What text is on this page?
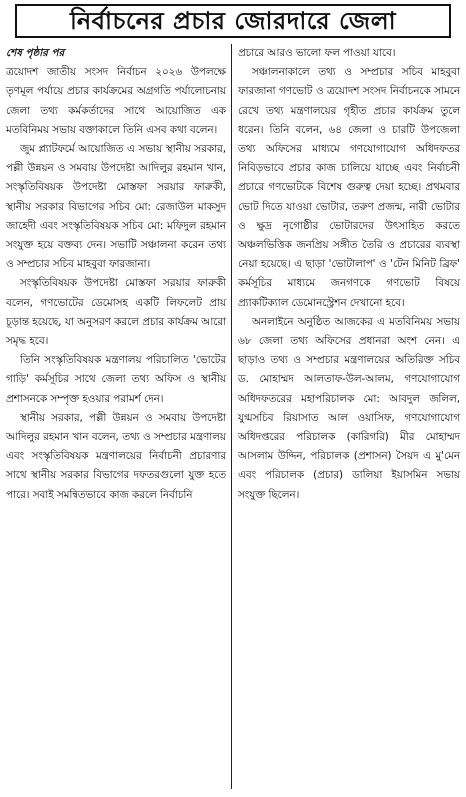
নির্বাচনের প্রচার জোরদারে জেলা
শেষ পৃষ্ঠার পর

ত্রয়োদশ জাতীয় সংসদ নির্বাচন ২০২৬ উপলক্ষে তৃণমূল পর্যায়ে প্রচার কার্যক্রমের অগ্রগতি পর্যালোচনায় জেলা তথ্য কর্মকর্তাদের সাথে আয়োজিত এক মতবিনিময় সভায় বক্তাকালে তিনি এসব কথা বলেন।

জুম প্ল্যাটফর্মে আয়োজিত এ সভায় স্থানীয় সরকার, পল্লী উন্নয়ন ও সমবায় উপদেষ্টা আদিলুর রহমান খান, সংস্কৃতিবিষয়ক উপদেষ্টা মোস্তফা সরয়ার ফারুকী, স্থানীয় সরকার বিভাগের সচিব মো: রেজাউল মাকসুদ জাহেদী এবং সংস্কৃতিবিষয়ক সচিব মো: মফিদুল রহমান সংযুক্ত হয়ে বক্তব্য দেন। সভাটি সঞ্চালনা করেন তথ্য ও সম্প্রচার সচিব মাহবুবা ফারজানা।

সংস্কৃতিবিষয়ক উপদেষ্টা মোস্তফা সরয়ার ফারুকী বলেন, গণভোটের ডেমোসহ একটি লিফলেট প্রায় চূড়ান্ত হয়েছে, যা অনুসরণ করলে প্রচার কার্যক্রম আরো সমৃদ্ধ হবে।

তিনি সংস্কৃতিবিষয়ক মন্ত্রণালয় পরিচালিত 'ভোটের গাড়ি' কর্মসূচির সাথে জেলা তথ্য অফিস ও স্থানীয় প্রশাসনকে সম্পৃক্ত হওয়ার পরামর্শ দেন।

স্থানীয় সরকার, পল্লী উন্নয়ন ও সমবায় উপদেষ্টা আদিলুর রহমান খান বলেন, তথ্য ও সম্প্রচার মন্ত্রণালয় এবং সংস্কৃতিবিষয়ক মন্ত্রণালয়ের নির্বাচনী প্রচারণার সাথে স্থানীয় সরকার বিভাগের দফতরগুলো যুক্ত হতে পারে। সবাই সমন্বিতভাবে কাজ করলে নির্বাচনি

প্রচারে আরও ভালো ফল পাওয়া যাবে।

সঞ্চালনাকালে তথ্য ও সম্প্রচার সচিব মাহবুবা ফারজানা গণভোট ও ত্রয়োদশ সংসদ নির্বাচনকে সামনে রেখে তথ্য মন্ত্রণালয়ের গৃহীত প্রচার কার্যক্রম তুলে ধরেন। তিনি বলেন, ৬৪ জেলা ও চারটি উপজেলা তথ্য অফিসের মাধ্যমে গণযোগাযোগ অধিদফতর নিবিড়ভাবে প্রচার কাজ চালিয়ে যাচ্ছে এবং নির্বাচনী প্রচারে গণভোটকে বিশেষ গুরুত্ব দেয়া হচ্ছে। প্রথমবার ভোট দিতে যাওয়া ভোটার, তরুণ প্রজন্ম, নারী ভোটার ও ক্ষুদ্র নৃগোষ্ঠীর ভোটারদের উৎসাহিত করতে অঞ্চলভিত্তিক জনপ্রিয় সঙ্গীত তৈরি ও প্রচারের ব্যবস্থা নেয়া হয়েছে। এ ছাড়া 'ভোটালাপ' ও 'টেন মিনিট ব্রিফ' কর্মসূচির মাধ্যমে জনগণকে গণভোট বিষয়ে প্র্যাকটিক্যাল ডেমোনস্ট্রেশন দেখানো হবে।

অনলাইনে অনুষ্ঠিত আজকের এ মতবিনিময় সভায় ৬৮ জেলা তথ্য অফিসের প্রধানরা অংশ নেন। এ ছাড়াও তথ্য ও সম্প্রচার মন্ত্রণালয়ের অতিরিক্ত সচিব ড. মোহাম্মদ আলতাফ-উল-আলম, গণযোগাযোগ অধিদফতরের মহাপরিচালক মো: আবদুল জলিল, যুগ্মসচিব রিয়াসাত আল ওয়াসিফ, গণযোগাযোগ অধিদপ্তরের পরিচালক (কারিগরি) মীর মোহাম্মদ আসলাম উদ্দিন, পরিচালক (প্রশাসন) সৈয়দ এ মু'মেন এবং পরিচালক (প্রচার) ডালিয়া ইয়াসমিন সভায় সংযুক্ত ছিলেন।
